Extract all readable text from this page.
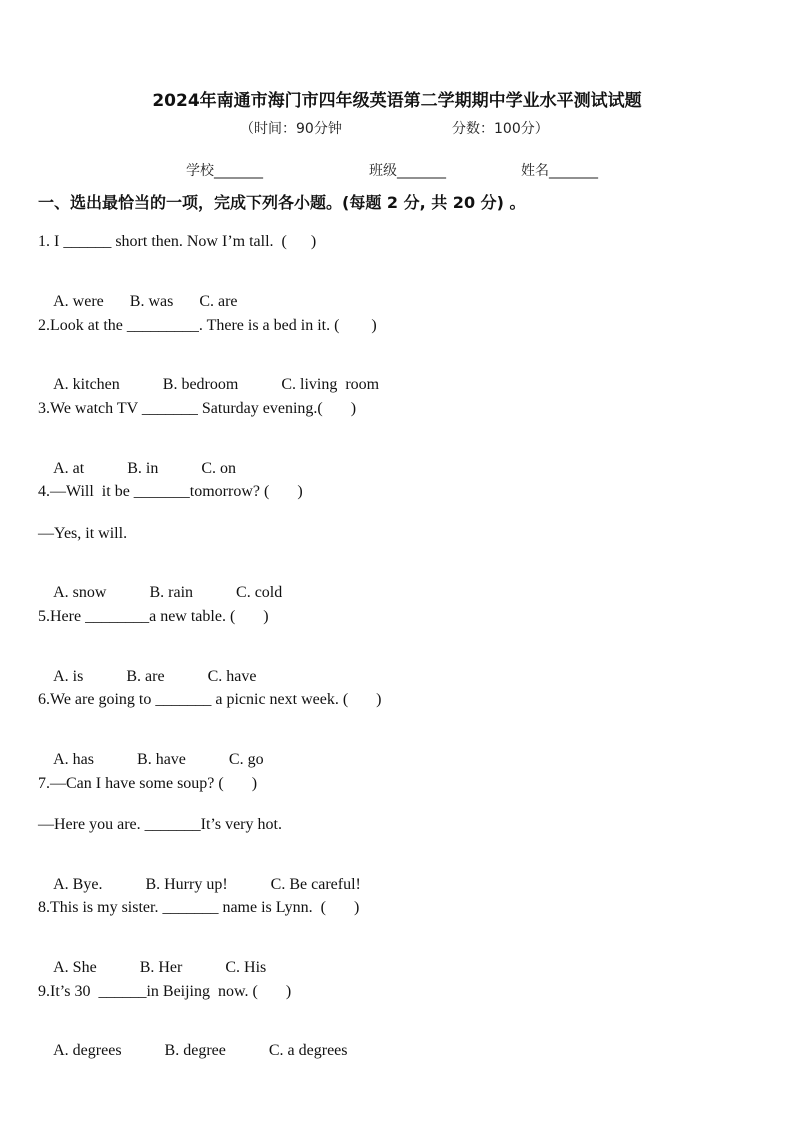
2024年南通市海门市四年级英语第二学期期中学业水平测试试题
（时间：90分钟	分数：100分）
学校_______	班级_______	姓名_______
一、选出最恰当的一项，完成下列各小题。(每题 2 分, 共 20 分) 。
1. I ______ short then. Now I’m tall.  (      )

A. were B. was C. are

2.Look at the _________. There is a bed in it. (        )

A. kitchen	B. bedroom	C. living  room

3.We watch TV _______ Saturday evening.(       )

A. at	B. in	C. on

4.—Will  it be _______tomorrow? (       )
—Yes, it will.

A. snow	B. rain	C. cold

5.Here ________a new table. (       )

A. is	B. are	C. have

6.We are going to _______ a picnic next week. (       )

A. has	B. have	C. go

7.—Can I have some soup? (       )
—Here you are. _______It’s very hot.

A. Bye.	B. Hurry up!	C. Be careful!

8.This is my sister. _______ name is Lynn.  (       )

A. She	B. Her	C. His

9.It’s 30  ______in Beijing  now. (       )

A. degrees	B. degree	C. a degrees
